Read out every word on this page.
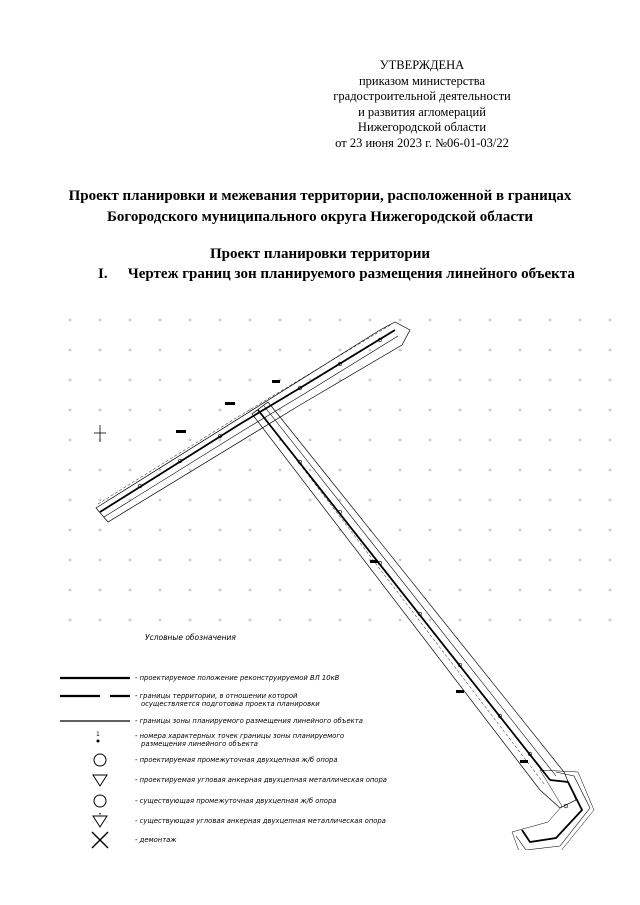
УТВЕРЖДЕНА
приказом министерства
градостроительной деятельности
и развития агломераций
Нижегородской области
от 23 июня 2023 г. №06-01-03/22
Проект планировки и межевания территории, расположенной в границах
Богородского муниципального округа Нижегородской области
Проект планировки территории
I. Чертеж границ зон планируемого размещения линейного объекта
Условные обозначения
- проектируемое положение реконструируемой ВЛ 10кВ
- границы территории, в отношении которой
осуществляется подготовка проекта планировки
- границы зоны планируемого размещения линейного объекта
1	- номера характерных точек границы зоны планируемого
размещения линейного объекта
- проектируемая промежуточная двухцепная ж/б опора
- проектируемая угловая анкерная двухцепная металлическая опора
- существующая промежуточная двухцепная ж/б опора
- существующая угловая анкерная двухцепная металлическая опора
- демонтаж
